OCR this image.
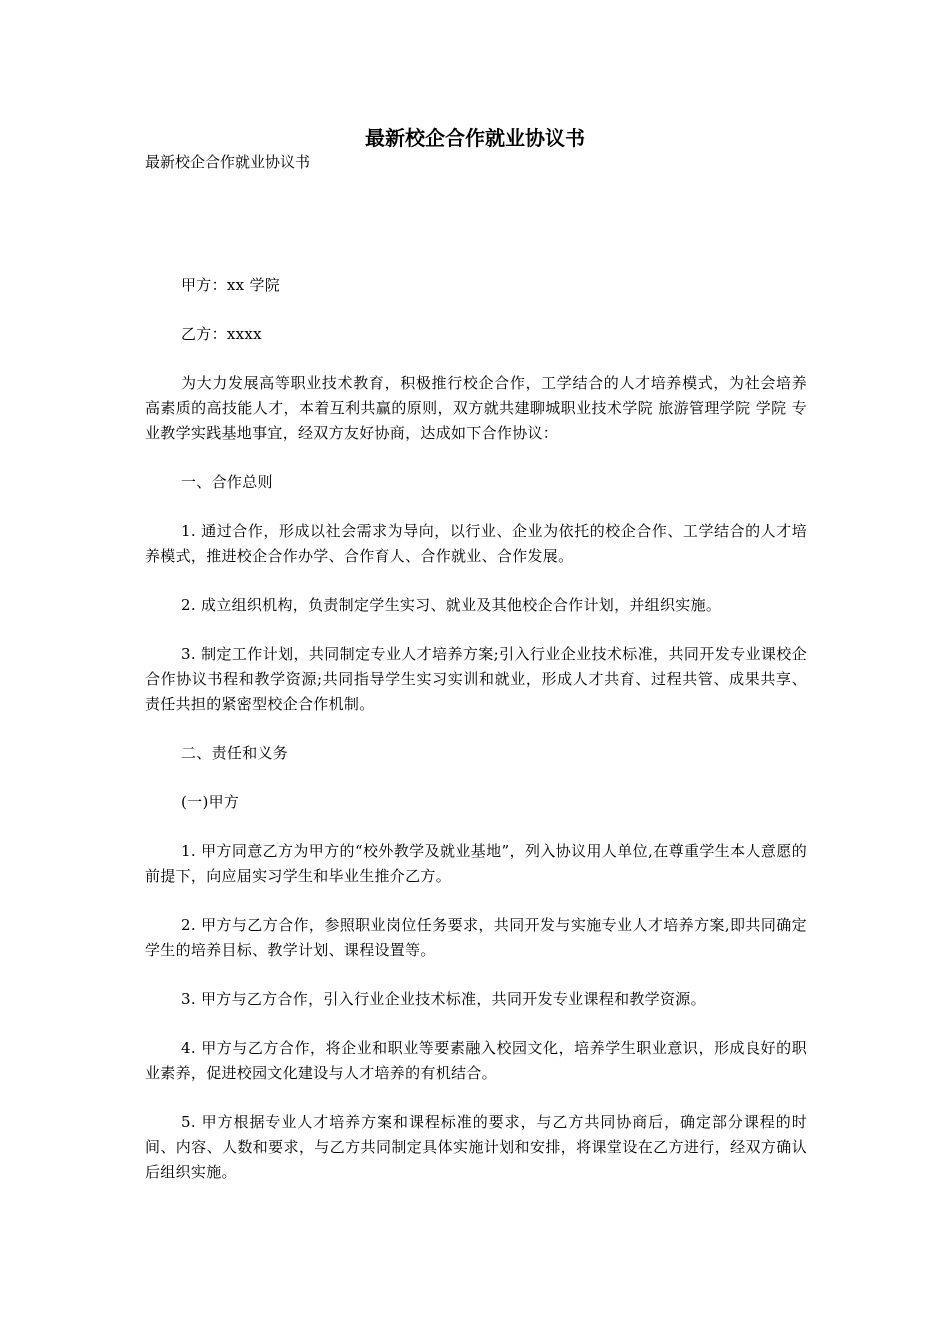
最新校企合作就业协议书
最新校企合作就业协议书

甲方：xx 学院

乙方：xxxx

为大力发展高等职业技术教育，积极推行校企合作，工学结合的人才培养模式，为社会培养高素质的高技能人才，本着互利共赢的原则，双方就共建聊城职业技术学院 旅游管理学院 学院 专业教学实践基地事宜，经双方友好协商，达成如下合作协议：

一、合作总则

1. 通过合作，形成以社会需求为导向，以行业、企业为依托的校企合作、工学结合的人才培养模式，推进校企合作办学、合作育人、合作就业、合作发展。

2. 成立组织机构，负责制定学生实习、就业及其他校企合作计划，并组织实施。

3. 制定工作计划，共同制定专业人才培养方案;引入行业企业技术标准，共同开发专业课校企合作协议书程和教学资源;共同指导学生实习实训和就业，形成人才共育、过程共管、成果共享、责任共担的紧密型校企合作机制。

二、责任和义务

(一)甲方

1. 甲方同意乙方为甲方的“校外教学及就业基地”，列入协议用人单位,在尊重学生本人意愿的前提下，向应届实习学生和毕业生推介乙方。

2. 甲方与乙方合作，参照职业岗位任务要求，共同开发与实施专业人才培养方案,即共同确定学生的培养目标、教学计划、课程设置等。

3. 甲方与乙方合作，引入行业企业技术标准，共同开发专业课程和教学资源。

4. 甲方与乙方合作，将企业和职业等要素融入校园文化，培养学生职业意识，形成良好的职业素养，促进校园文化建设与人才培养的有机结合。

5. 甲方根据专业人才培养方案和课程标准的要求，与乙方共同协商后，确定部分课程的时间、内容、人数和要求，与乙方共同制定具体实施计划和安排，将课堂设在乙方进行，经双方确认后组织实施。
